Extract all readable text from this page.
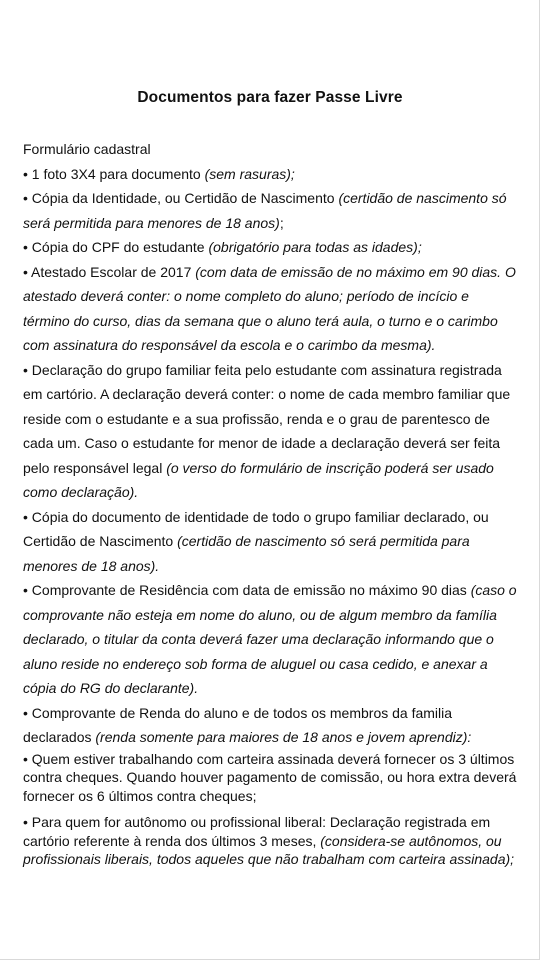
Documentos para fazer Passe Livre
Formulário cadastral
• 1 foto 3X4 para documento (sem rasuras);
• Cópia da Identidade, ou Certidão de Nascimento (certidão de nascimento só
será permitida para menores de 18 anos);
• Cópia do CPF do estudante (obrigatório para todas as idades);
• Atestado Escolar de 2017 (com data de emissão de no máximo em 90 dias. O
atestado deverá conter: o nome completo do aluno; período de incício e
término do curso, dias da semana que o aluno terá aula, o turno e o carimbo
com assinatura do responsável da escola e o carimbo da mesma).
• Declaração do grupo familiar feita pelo estudante com assinatura registrada
em cartório. A declaração deverá conter: o nome de cada membro familiar que
reside com o estudante e a sua profissão, renda e o grau de parentesco de
cada um. Caso o estudante for menor de idade a declaração deverá ser feita
pelo responsável legal (o verso do formulário de inscrição poderá ser usado
como declaração).
• Cópia do documento de identidade de todo o grupo familiar declarado, ou
Certidão de Nascimento (certidão de nascimento só será permitida para
menores de 18 anos).
• Comprovante de Residência com data de emissão no máximo 90 dias (caso o
comprovante não esteja em nome do aluno, ou de algum membro da família
declarado, o titular da conta deverá fazer uma declaração informando que o
aluno reside no endereço sob forma de aluguel ou casa cedido, e anexar a
cópia do RG do declarante).
• Comprovante de Renda do aluno e de todos os membros da familia
declarados (renda somente para maiores de 18 anos e jovem aprendiz):
• Quem estiver trabalhando com carteira assinada deverá fornecer os 3 últimos
contra cheques. Quando houver pagamento de comissão, ou hora extra deverá
fornecer os 6 últimos contra cheques;
• Para quem for autônomo ou profissional liberal: Declaração registrada em
cartório referente à renda dos últimos 3 meses, (considera-se autônomos, ou
profissionais liberais, todos aqueles que não trabalham com carteira assinada);
